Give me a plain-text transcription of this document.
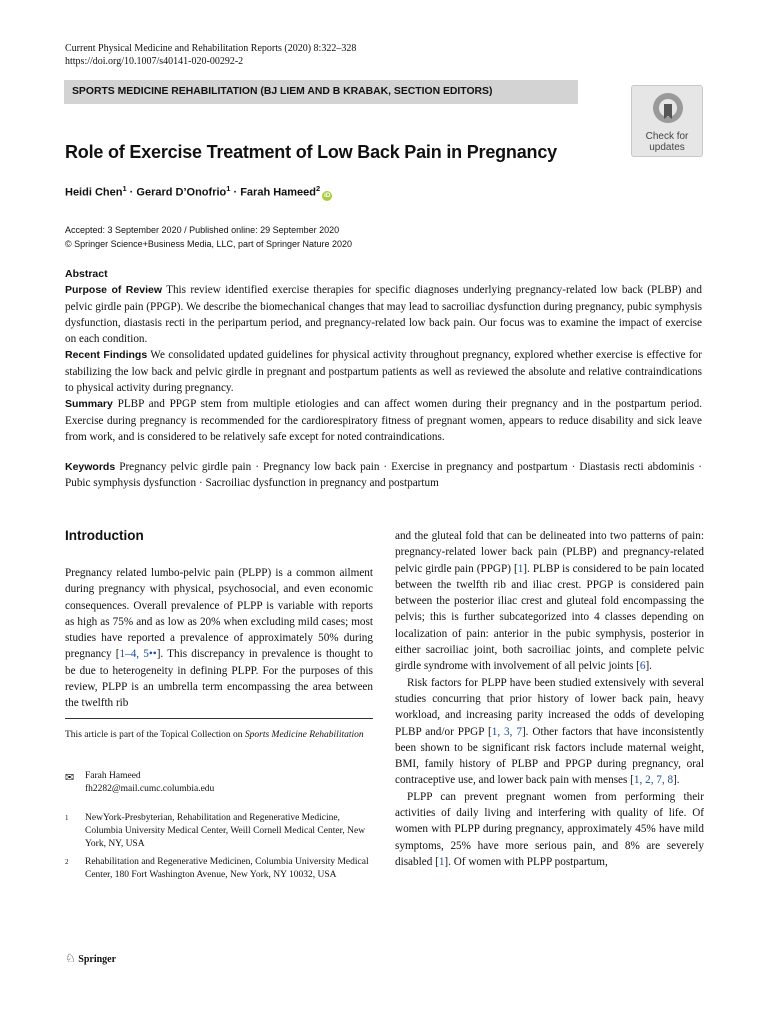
Current Physical Medicine and Rehabilitation Reports (2020) 8:322–328
https://doi.org/10.1007/s40141-020-00292-2
SPORTS MEDICINE REHABILITATION (BJ LIEM AND B KRABAK, SECTION EDITORS)
Check for
updates
Role of Exercise Treatment of Low Back Pain in Pregnancy
Heidi Chen$^1$ · Gerard D’Onofrio$^1$ · Farah Hameed$^2$iD
Accepted: 3 September 2020 / Published online: 29 September 2020
© Springer Science+Business Media, LLC, part of Springer Nature 2020
Abstract

Purpose of Review This review identified exercise therapies for specific diagnoses underlying pregnancy-related low back (PLBP) and pelvic girdle pain (PPGP). We describe the biomechanical changes that may lead to sacroiliac dysfunction during pregnancy, pubic symphysis dysfunction, diastasis recti in the peripartum period, and pregnancy-related low back pain. Our focus was to examine the impact of exercise on each condition.

Recent Findings We consolidated updated guidelines for physical activity throughout pregnancy, explored whether exercise is effective for stabilizing the low back and pelvic girdle in pregnant and postpartum patients as well as reviewed the absolute and relative contraindications to physical activity during pregnancy.

Summary PLBP and PPGP stem from multiple etiologies and can affect women during their pregnancy and in the postpartum period. Exercise during pregnancy is recommended for the cardiorespiratory fitness of pregnant women, appears to reduce disability and sick leave from work, and is considered to be relatively safe except for noted contraindications.

Keywords Pregnancy pelvic girdle pain · Pregnancy low back pain · Exercise in pregnancy and postpartum · Diastasis recti abdominis · Pubic symphysis dysfunction · Sacroiliac dysfunction in pregnancy and postpartum
Introduction

Pregnancy related lumbo-pelvic pain (PLPP) is a common ailment during pregnancy with physical, psychosocial, and even economic consequences. Overall prevalence of PLPP is variable with reports as high as 75% and as low as 20% when excluding mild cases; most studies have reported a prevalence of approximately 50% during pregnancy [1–4, 5••]. This discrepancy in prevalence is thought to be due to heterogeneity in defining PLPP. For the purposes of this review, PLPP is an umbrella term encompassing the area between the twelfth rib

and the gluteal fold that can be delineated into two patterns of pain: pregnancy-related lower back pain (PLBP) and pregnancy-related pelvic girdle pain (PPGP) [1]. PLBP is considered to be pain located between the twelfth rib and iliac crest. PPGP is considered pain between the posterior iliac crest and gluteal fold encompassing the pelvis; this is further subcategorized into 4 classes depending on localization of pain: anterior in the pubic symphysis, posterior in either sacroiliac joint, both sacroiliac joints, and complete pelvic girdle syndrome with involvement of all pelvic joints [6].

Risk factors for PLPP have been studied extensively with several studies concurring that prior history of lower back pain, heavy workload, and increasing parity increased the odds of developing PLBP and/or PPGP [1, 3, 7]. Other factors that have inconsistently been shown to be significant risk factors include maternal weight, BMI, family history of PLBP and PPGP during pregnancy, oral contraceptive use, and lower back pain with menses [1, 2, 7, 8].

PLPP can prevent pregnant women from performing their activities of daily living and interfering with quality of life. Of women with PLPP during pregnancy, approximately 45% have mild symptoms, 25% have more serious pain, and 8% are severely disabled [1]. Of women with PLPP postpartum,

This article is part of the Topical Collection on Sports Medicine Rehabilitation
✉ Farah Hameed
fh2282@mail.cumc.columbia.edu
1 NewYork-Presbyterian, Rehabilitation and Regenerative Medicine, Columbia University Medical Center, Weill Cornell Medical Center, New York, NY, USA
2 Rehabilitation and Regenerative Medicinen, Columbia University Medical Center, 180 Fort Washington Avenue, New York, NY 10032, USA
♘ Springer
